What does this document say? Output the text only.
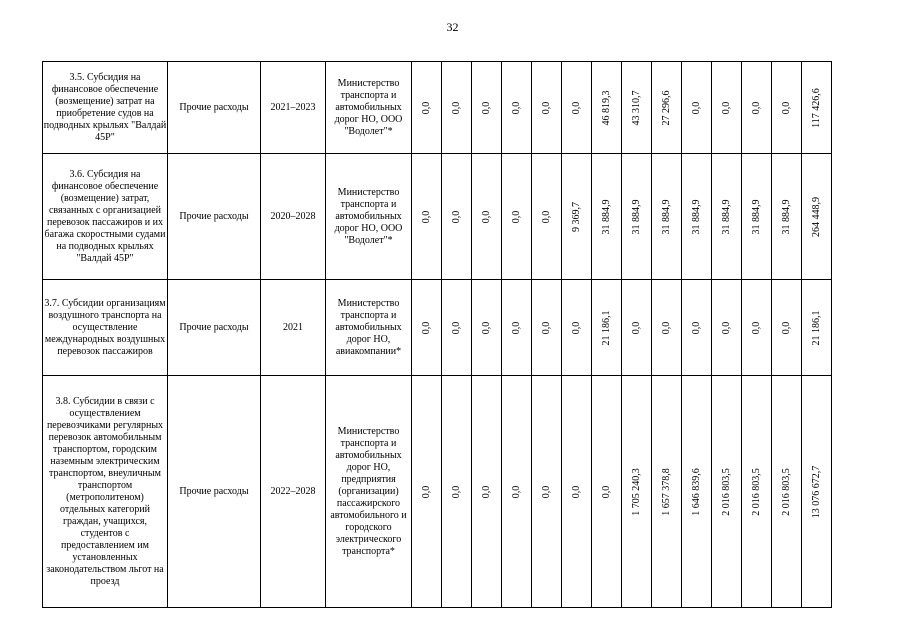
32
3.5. Субсидия на финансовое обеспечение (возмещение) затрат на приобретение судов на подводных крыльях "Валдай 45Р"	Прочие расходы	2021–2023	Министерство транспорта и автомобильных дорог НО, ООО "Водолет"*	0,0	0,0	0,0	0,0	0,0	0,0	46 819,3	43 310,7	27 296,6	0,0	0,0	0,0	0,0	117 426,6

3.6. Субсидия на финансовое обеспечение (возмещение) затрат, связанных с организацией перевозок пассажиров и их багажа скоростными судами на подводных крыльях "Валдай 45Р"	Прочие расходы	2020–2028	Министерство транспорта и автомобильных дорог НО, ООО "Водолет"*	0,0	0,0	0,0	0,0	0,0	9 369,7	31 884,9	31 884,9	31 884,9	31 884,9	31 884,9	31 884,9	31 884,9	264 448,9

3.7. Субсидии организациям воздушного транспорта на осуществление международных воздушных перевозок пассажиров	Прочие расходы	2021	Министерство транспорта и автомобильных дорог НО, авиакомпании*	0,0	0,0	0,0	0,0	0,0	0,0	21 186,1	0,0	0,0	0,0	0,0	0,0	0,0	21 186,1

3.8. Субсидии в связи с осуществлением перевозчиками регулярных перевозок автомобильным транспортом, городским наземным электрическим транспортом, внеуличным транспортом (метрополитеном) отдельных категорий граждан, учащихся, студентов с предоставлением им установленных законодательством льгот на проезд	Прочие расходы	2022–2028	Министерство транспорта и автомобильных дорог НО, предприятия (организации) пассажирского автомобильного и городского электрического транспорта*	0,0	0,0	0,0	0,0	0,0	0,0	0,0	1 705 240,3	1 657 378,8	1 646 839,6	2 016 803,5	2 016 803,5	2 016 803,5	13 076 672,7
